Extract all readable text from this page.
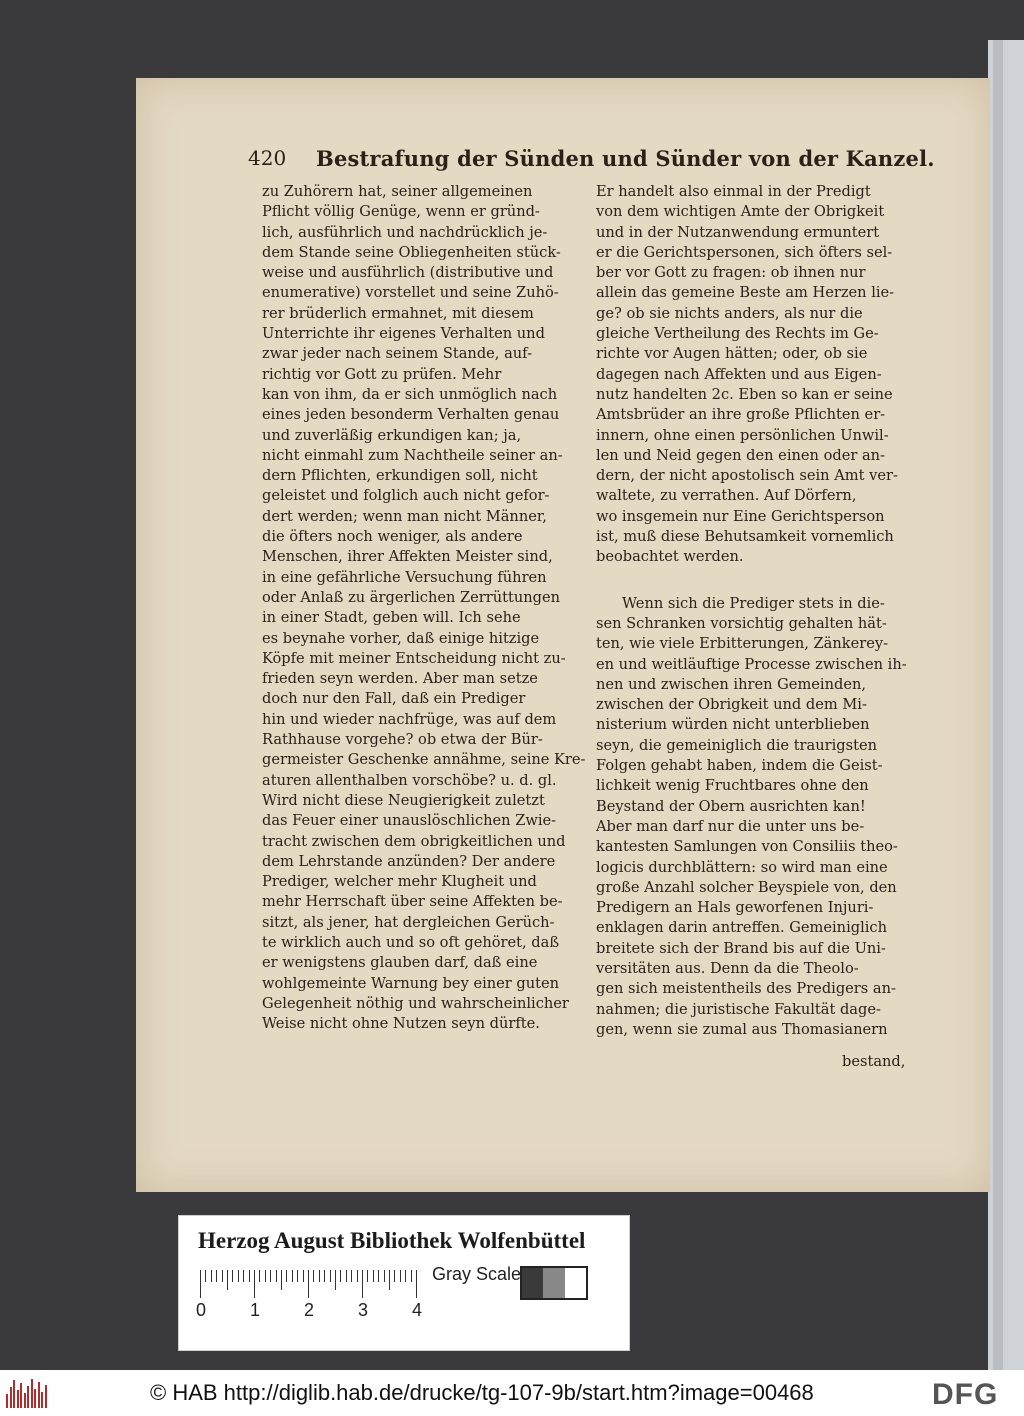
420 Bestrafung der Sünden und Sünder von der Kanzel.

zu Zuhörern hat, seiner allgemeinen

Pflicht völlig Genüge, wenn er gründ-

lich, ausführlich und nachdrücklich je-

dem Stande seine Obliegenheiten stück-

weise und ausführlich (distributive und

enumerative) vorstellet und seine Zuhö-

rer brüderlich ermahnet, mit diesem

Unterrichte ihr eigenes Verhalten und

zwar jeder nach seinem Stande, auf-

richtig vor Gott zu prüfen. Mehr

kan von ihm, da er sich unmöglich nach

eines jeden besonderm Verhalten genau

und zuverläßig erkundigen kan; ja,

nicht einmahl zum Nachtheile seiner an-

dern Pflichten, erkundigen soll, nicht

geleistet und folglich auch nicht gefor-

dert werden; wenn man nicht Männer,

die öfters noch weniger, als andere

Menschen, ihrer Affekten Meister sind,

in eine gefährliche Versuchung führen

oder Anlaß zu ärgerlichen Zerrüttungen

in einer Stadt, geben will. Ich sehe

es beynahe vorher, daß einige hitzige

Köpfe mit meiner Entscheidung nicht zu-

frieden seyn werden. Aber man setze

doch nur den Fall, daß ein Prediger

hin und wieder nachfrüge, was auf dem

Rathhause vorgehe? ob etwa der Bür-

germeister Geschenke annähme, seine Kre-

aturen allenthalben vorschöbe? u. d. gl.

Wird nicht diese Neugierigkeit zuletzt

das Feuer einer unauslöschlichen Zwie-

tracht zwischen dem obrigkeitlichen und

dem Lehrstande anzünden? Der andere

Prediger, welcher mehr Klugheit und

mehr Herrschaft über seine Affekten be-

sitzt, als jener, hat dergleichen Gerüch-

te wirklich auch und so oft gehöret, daß

er wenigstens glauben darf, daß eine

wohlgemeinte Warnung bey einer guten

Gelegenheit nöthig und wahrscheinlicher

Weise nicht ohne Nutzen seyn dürfte.

Er handelt also einmal in der Predigt

von dem wichtigen Amte der Obrigkeit

und in der Nutzanwendung ermuntert

er die Gerichtspersonen, sich öfters sel-

ber vor Gott zu fragen: ob ihnen nur

allein das gemeine Beste am Herzen lie-

ge? ob sie nichts anders, als nur die

gleiche Vertheilung des Rechts im Ge-

richte vor Augen hätten; oder, ob sie

dagegen nach Affekten und aus Eigen-

nutz handelten 2c. Eben so kan er seine

Amtsbrüder an ihre große Pflichten er-

innern, ohne einen persönlichen Unwil-

len und Neid gegen den einen oder an-

dern, der nicht apostolisch sein Amt ver-

waltete, zu verrathen. Auf Dörfern,

wo insgemein nur Eine Gerichtsperson

ist, muß diese Behutsamkeit vornemlich

beobachtet werden.

Wenn sich die Prediger stets in die-

sen Schranken vorsichtig gehalten hät-

ten, wie viele Erbitterungen, Zänkerey-

en und weitläuftige Processe zwischen ih-

nen und zwischen ihren Gemeinden,

zwischen der Obrigkeit und dem Mi-

nisterium würden nicht unterblieben

seyn, die gemeiniglich die traurigsten

Folgen gehabt haben, indem die Geist-

lichkeit wenig Fruchtbares ohne den

Beystand der Obern ausrichten kan!

Aber man darf nur die unter uns be-

kantesten Samlungen von Consiliis theo-

logicis durchblättern: so wird man eine

große Anzahl solcher Beyspiele von, den

Predigern an Hals geworfenen Injuri-

enklagen darin antreffen. Gemeiniglich

breitete sich der Brand bis auf die Uni-

versitäten aus. Denn da die Theolo-

gen sich meistentheils des Predigers an-

nahmen; die juristische Fakultät dage-

gen, wenn sie zumal aus Thomasianern

bestand,
Herzog August Bibliothek Wolfenbüttel
0 1 2 3 4
Gray Scale
© HAB http://diglib.hab.de/drucke/tg-107-9b/start.htm?image=00468	DFG
